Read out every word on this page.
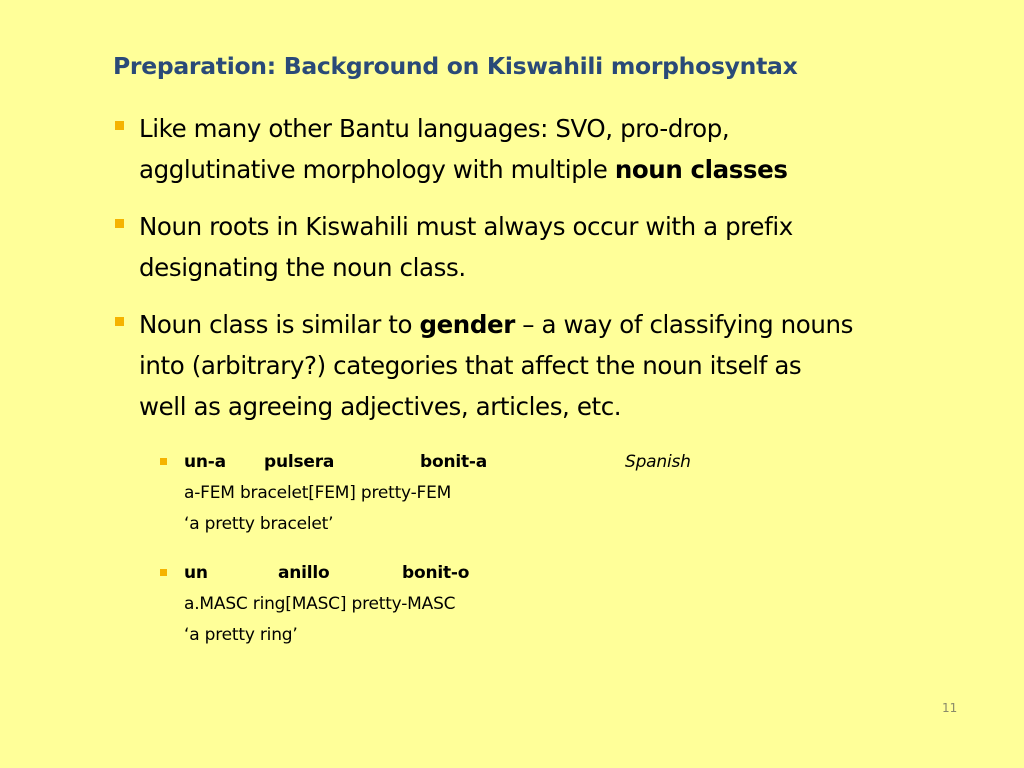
Preparation: Background on Kiswahili morphosyntax
Like many other Bantu languages: SVO, pro-drop,
agglutinative morphology with multiple noun classes
Noun roots in Kiswahili must always occur with a prefix
designating the noun class.
Noun class is similar to gender – a way of classifying nouns
into (arbitrary?) categories that affect the noun itself as
well as agreeing adjectives, articles, etc.
un-a pulsera	bonit-a	Spanish
a-FEM bracelet[FEM] pretty-FEM
‘a pretty bracelet’
un	anillo	bonit-o
a.MASC ring[MASC] pretty-MASC
‘a pretty ring’
11
